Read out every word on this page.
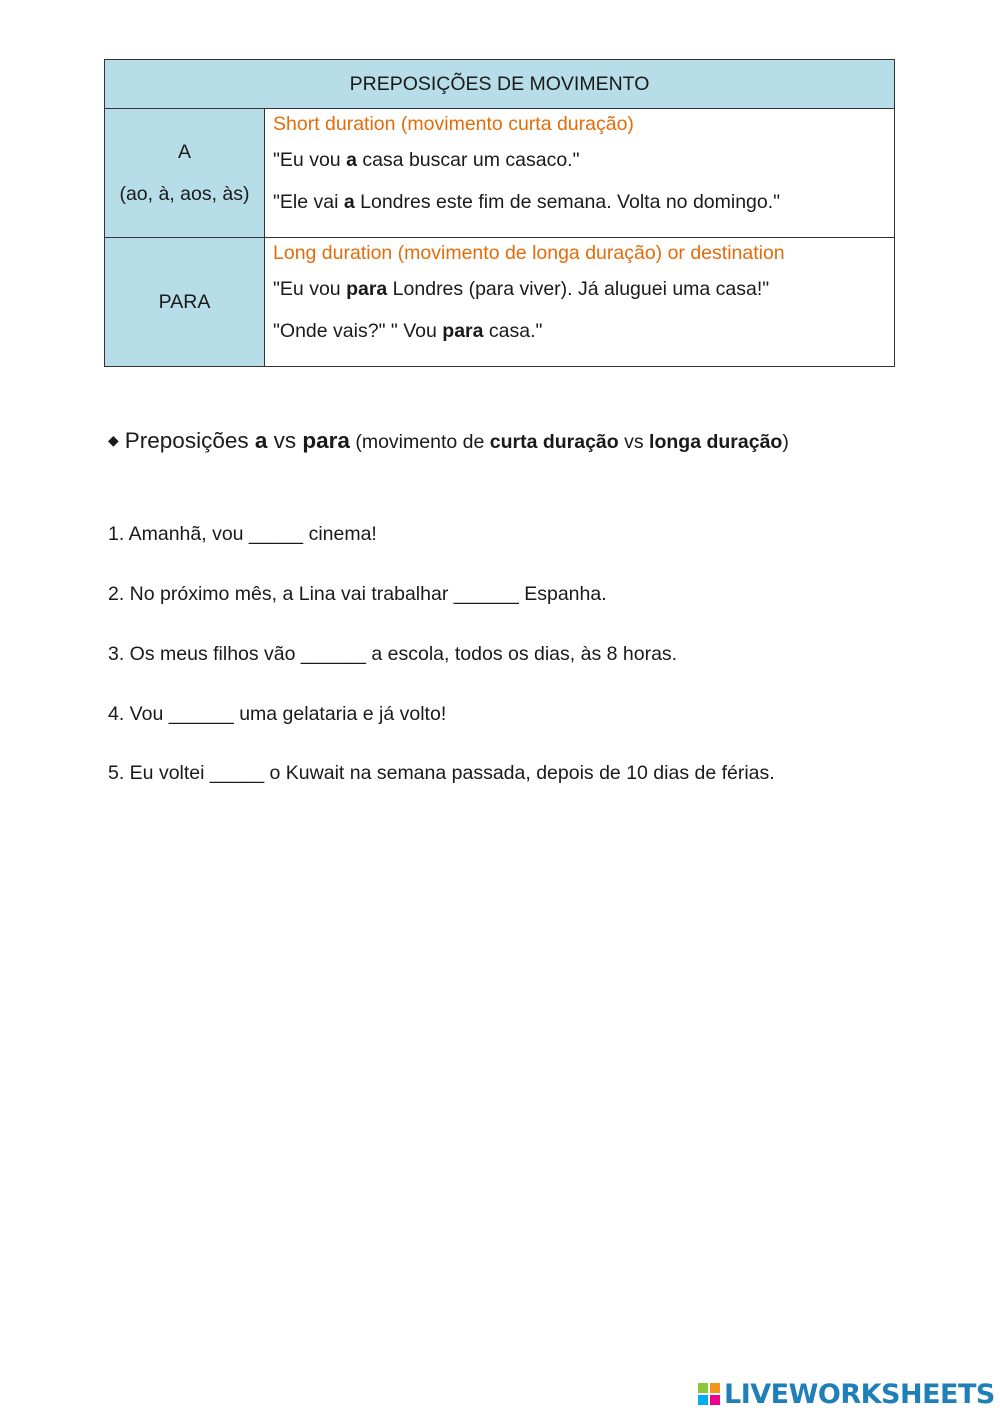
PREPOSIÇÕES DE MOVIMENTO	

A
(ao, à, aos, às)	Short duration (movimento curta duração)
"Eu vou a casa buscar um casaco."
"Ele vai a Londres este fim de semana. Volta no domingo."

PARA	Long duration (movimento de longa duração) or destination
"Eu vou para Londres (para viver). Já aluguei uma casa!"
"Onde vais?" " Vou para casa."
◆ Preposições a vs para (movimento de curta duração vs longa duração)
1. Amanhã, vou _____ cinema!
2. No próximo mês, a Lina vai trabalhar ______ Espanha.
3. Os meus filhos vão ______ a escola, todos os dias, às 8 horas.
4. Vou ______ uma gelataria e já volto!
5. Eu voltei _____ o Kuwait na semana passada, depois de 10 dias de férias.
LIVEWORKSHEETS
